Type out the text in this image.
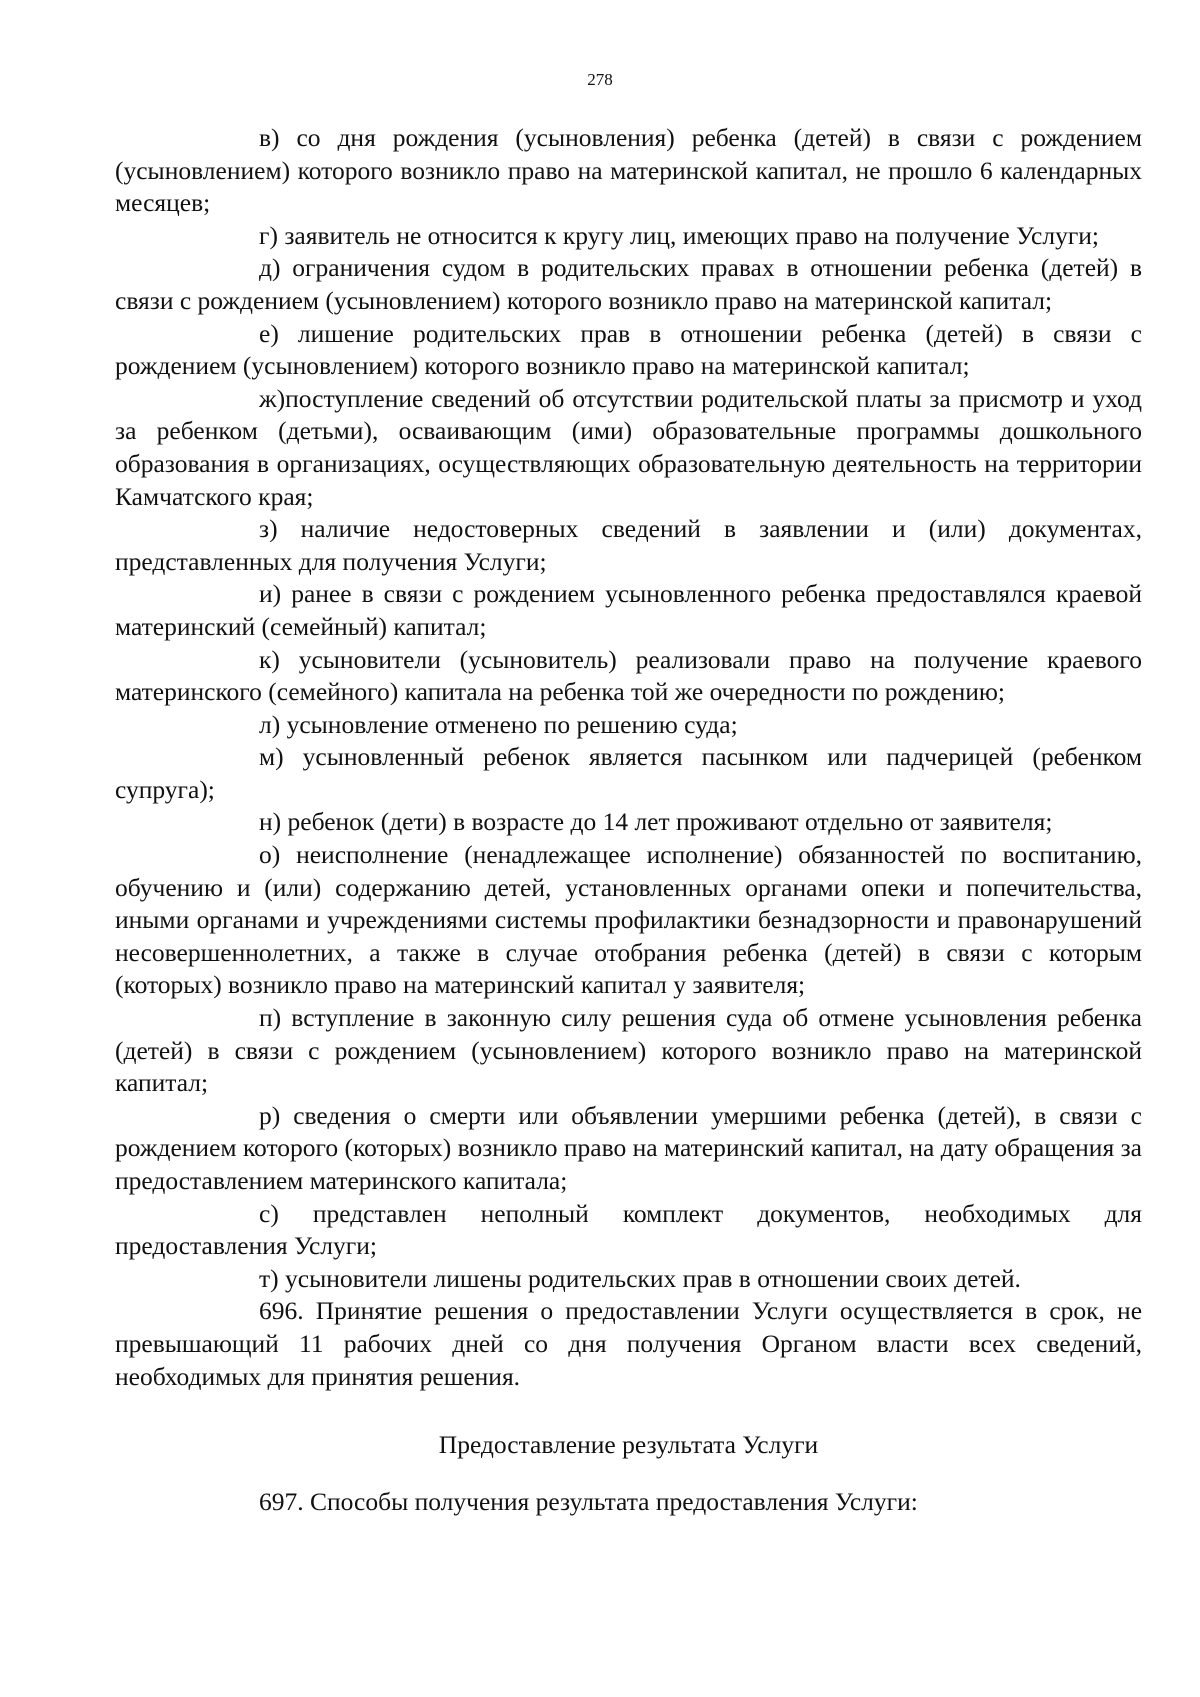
278

в) со дня рождения (усыновления) ребенка (детей) в связи с рождением (усыновлением) которого возникло право на материнской капитал, не прошло 6 календарных месяцев;

г) заявитель не относится к кругу лиц, имеющих право на получение Услуги;

д) ограничения судом в родительских правах в отношении ребенка (детей) в связи с рождением (усыновлением) которого возникло право на материнской капитал;

е) лишение родительских прав в отношении ребенка (детей) в связи с рождением (усыновлением) которого возникло право на материнской капитал;

ж)поступление сведений об отсутствии родительской платы за присмотр и уход за ребенком (детьми), осваивающим (ими) образовательные программы дошкольного образования в организациях, осуществляющих образовательную деятельность на территории Камчатского края;

з) наличие недостоверных сведений в заявлении и (или) документах, представленных для получения Услуги;

и) ранее в связи с рождением усыновленного ребенка предоставлялся краевой материнский (семейный) капитал;

к) усыновители (усыновитель) реализовали право на получение краевого материнского (семейного) капитала на ребенка той же очередности по рождению;

л) усыновление отменено по решению суда;

м) усыновленный ребенок является пасынком или падчерицей (ребенком супруга);

н) ребенок (дети) в возрасте до 14 лет проживают отдельно от заявителя;

о) неисполнение (ненадлежащее исполнение) обязанностей по воспитанию, обучению и (или) содержанию детей, установленных органами опеки и попечительства, иными органами и учреждениями системы профилактики безнадзорности и правонарушений несовершеннолетних, а также в случае отобрания ребенка (детей) в связи с которым (которых) возникло право на материнский капитал у заявителя;

п) вступление в законную силу решения суда об отмене усыновления ребенка (детей) в связи с рождением (усыновлением) которого возникло право на материнской капитал;

р) сведения о смерти или объявлении умершими ребенка (детей), в связи с рождением которого (которых) возникло право на материнский капитал, на дату обращения за предоставлением материнского капитала;

с) представлен неполный комплект документов, необходимых для предоставления Услуги;

т) усыновители лишены родительских прав в отношении своих детей.

696. Принятие решения о предоставлении Услуги осуществляется в срок, не превышающий 11 рабочих дней со дня получения Органом власти всех сведений, необходимых для принятия решения.

Предоставление результата Услуги

697. Способы получения результата предоставления Услуги:
